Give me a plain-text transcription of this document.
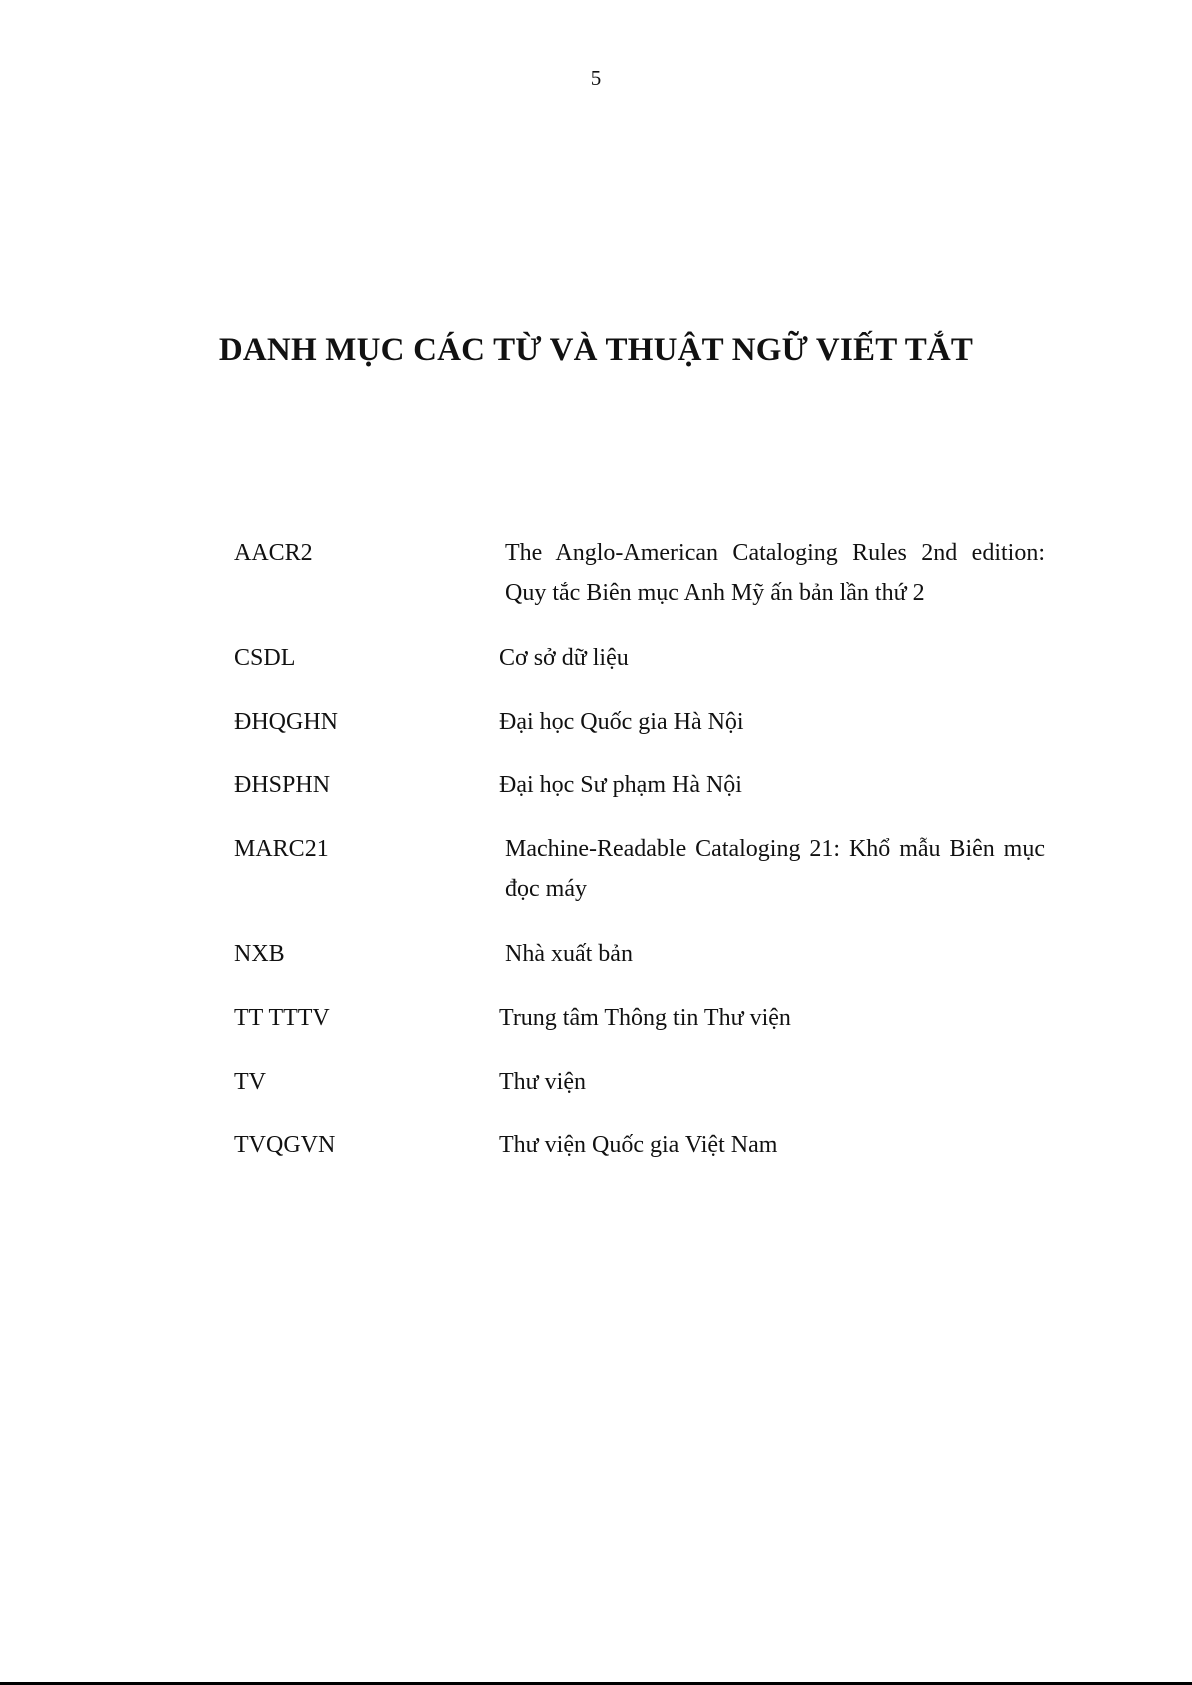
5
DANH MỤC CÁC TỪ VÀ THUẬT NGỮ VIẾT TẮT
AACR2	The Anglo-American Cataloging Rules 2nd edition: Quy tắc Biên mục Anh Mỹ ấn bản lần thứ 2
CSDL	Cơ sở dữ liệu
ĐHQGHN	Đại học Quốc gia Hà Nội
ĐHSPHN	Đại học Sư phạm Hà Nội
MARC21	Machine-Readable Cataloging 21: Khổ mẫu Biên mục đọc máy
NXB	Nhà xuất bản
TT TTTV	Trung tâm Thông tin Thư viện
TV	Thư viện
TVQGVN	Thư viện Quốc gia Việt Nam
